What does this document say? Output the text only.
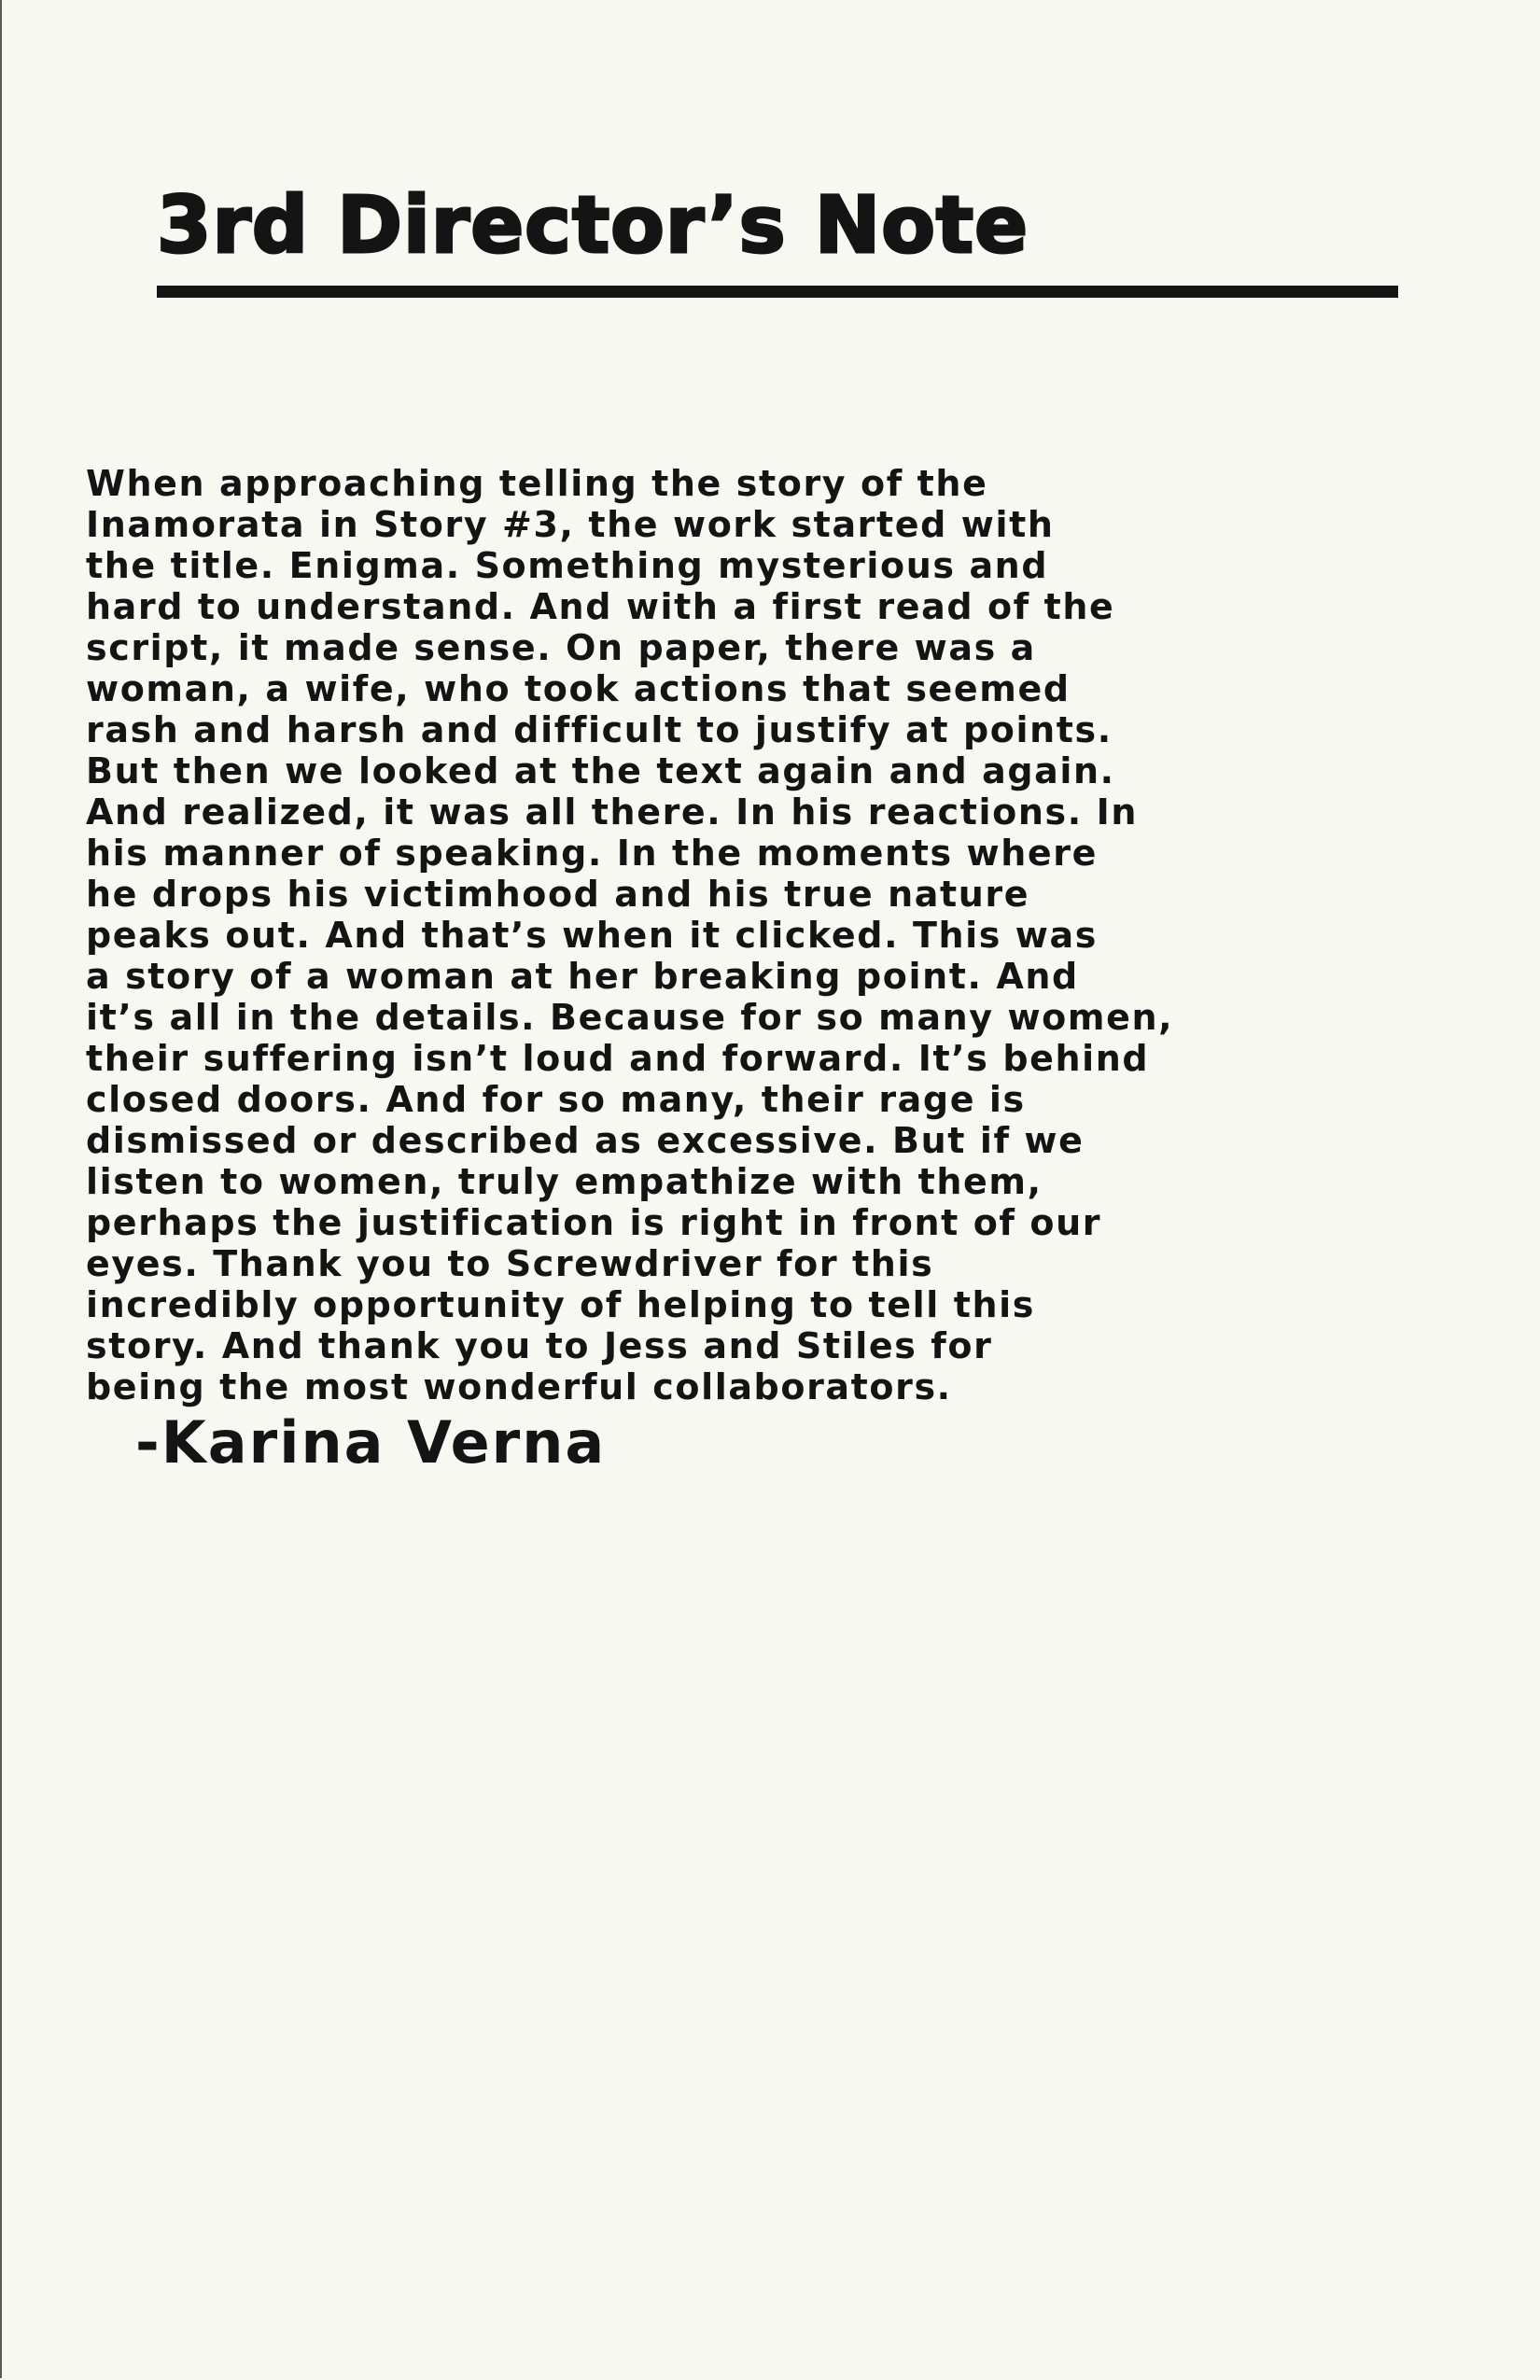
3rd Director’s Note
When approaching telling the story of the
Inamorata in Story #3, the work started with
the title. Enigma. Something mysterious and
hard to understand. And with a first read of the
script, it made sense. On paper, there was a
woman, a wife, who took actions that seemed
rash and harsh and difficult to justify at points.
But then we looked at the text again and again.
And realized, it was all there. In his reactions. In
his manner of speaking. In the moments where
he drops his victimhood and his true nature
peaks out. And that’s when it clicked. This was
a story of a woman at her breaking point. And
it’s all in the details. Because for so many women,
their suffering isn’t loud and forward. It’s behind
closed doors. And for so many, their rage is
dismissed or described as excessive. But if we
listen to women, truly empathize with them,
perhaps the justification is right in front of our
eyes. Thank you to Screwdriver for this
incredibly opportunity of helping to tell this
story. And thank you to Jess and Stiles for
being the most wonderful collaborators.

-Karina Verna
